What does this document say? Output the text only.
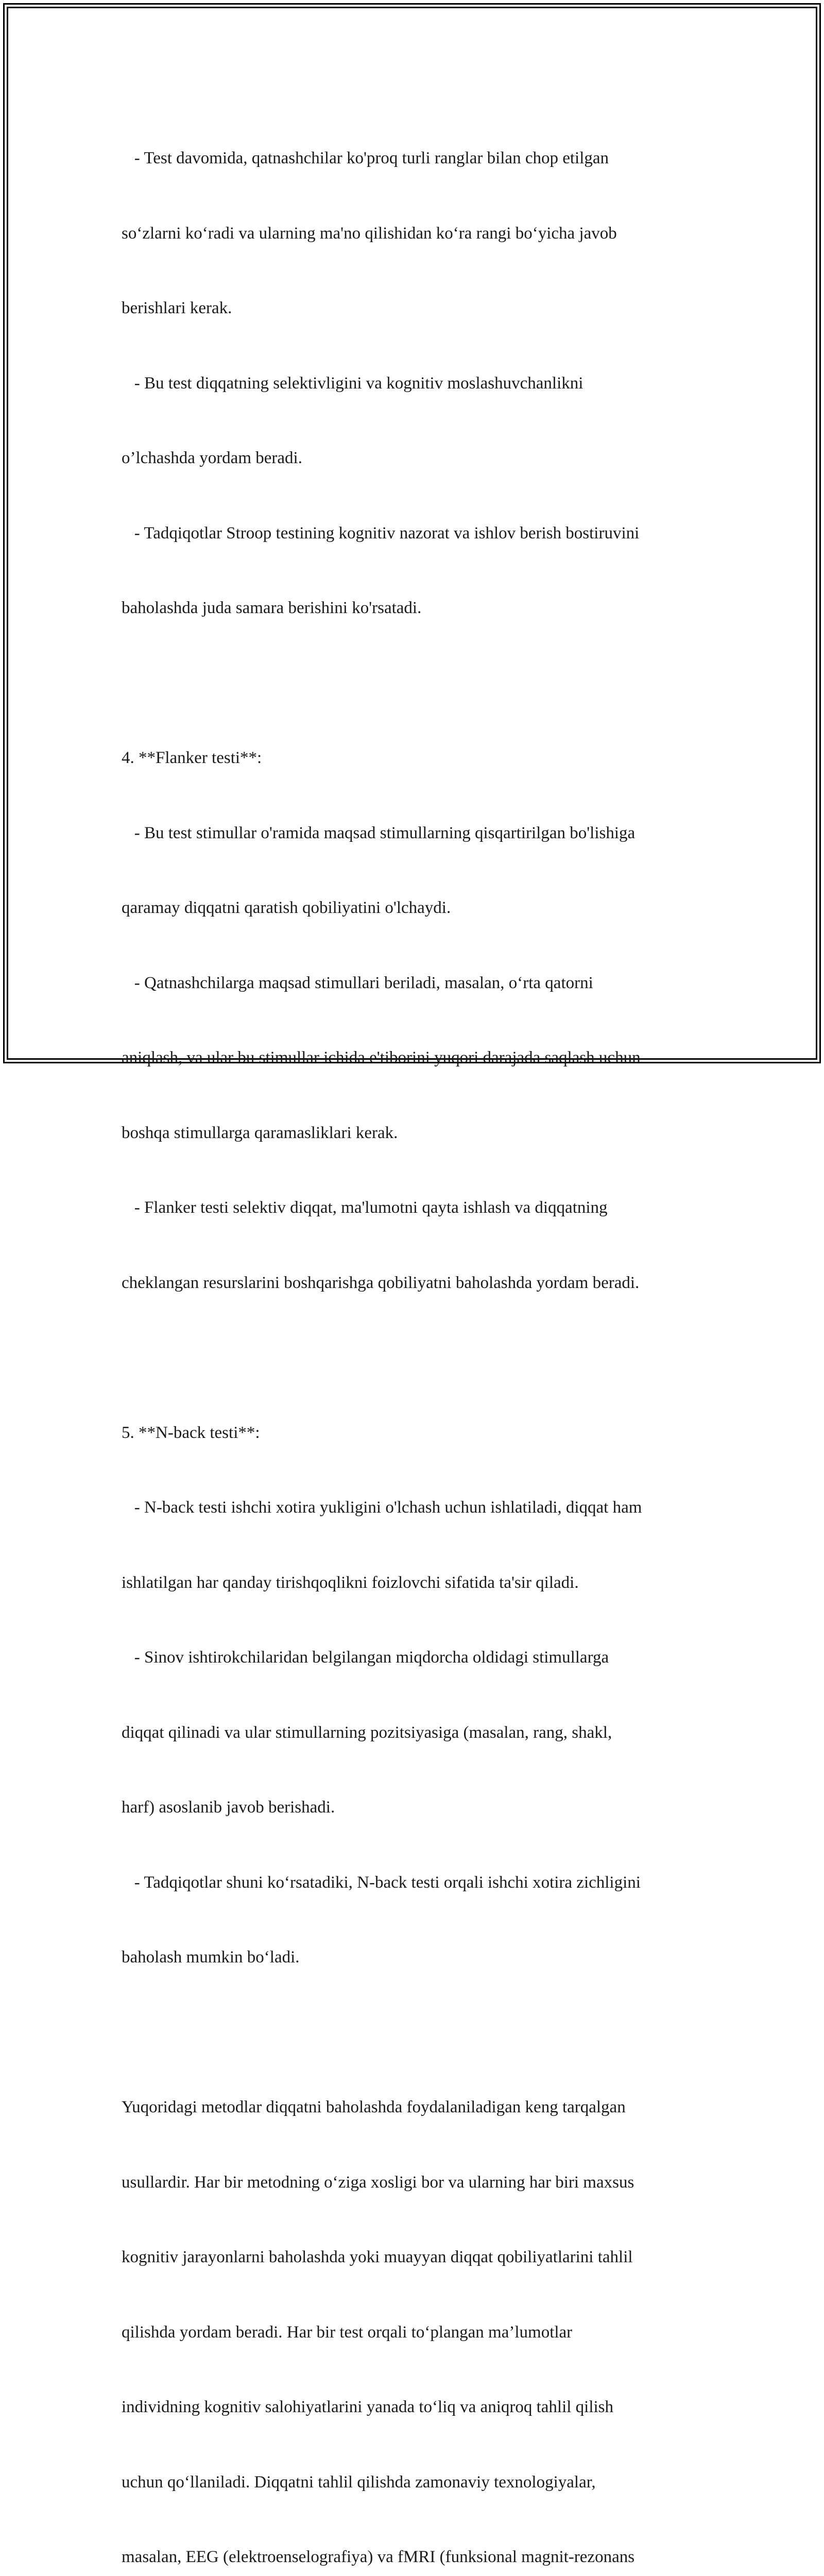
- Test davomida, qatnashchilar ko'proq turli ranglar bilan chop etilgan

so‘zlarni ko‘radi va ularning ma'no qilishidan ko‘ra rangi bo‘yicha javob

berishlari kerak.

- Bu test diqqatning selektivligini va kognitiv moslashuvchanlikni

o’lchashda yordam beradi.

- Tadqiqotlar Stroop testining kognitiv nazorat va ishlov berish bostiruvini

baholashda juda samara berishini ko'rsatadi.

4. **Flanker testi**:

- Bu test stimullar o'ramida maqsad stimullarning qisqartirilgan bo'lishiga

qaramay diqqatni qaratish qobiliyatini o'lchaydi.

- Qatnashchilarga maqsad stimullari beriladi, masalan, o‘rta qatorni

aniqlash, va ular bu stimullar ichida e'tiborini yuqori darajada saqlash uchun

boshqa stimullarga qaramasliklari kerak.

- Flanker testi selektiv diqqat, ma'lumotni qayta ishlash va diqqatning

cheklangan resurslarini boshqarishga qobiliyatni baholashda yordam beradi.

5. **N-back testi**:

- N-back testi ishchi xotira yukligini o'lchash uchun ishlatiladi, diqqat ham

ishlatilgan har qanday tirishqoqlikni foizlovchi sifatida ta'sir qiladi.

- Sinov ishtirokchilaridan belgilangan miqdorcha oldidagi stimullarga

diqqat qilinadi va ular stimullarning pozitsiyasiga (masalan, rang, shakl,

harf) asoslanib javob berishadi.

- Tadqiqotlar shuni ko‘rsatadiki, N-back testi orqali ishchi xotira zichligini

baholash mumkin bo‘ladi.

Yuqoridagi metodlar diqqatni baholashda foydalaniladigan keng tarqalgan

usullardir. Har bir metodning o‘ziga xosligi bor va ularning har biri maxsus

kognitiv jarayonlarni baholashda yoki muayyan diqqat qobiliyatlarini tahlil

qilishda yordam beradi. Har bir test orqali to‘plangan ma’lumotlar

individning kognitiv salohiyatlarini yanada to‘liq va aniqroq tahlil qilish

uchun qo‘llaniladi. Diqqatni tahlil qilishda zamonaviy texnologiyalar,

masalan, EEG (elektroenselografiya) va fMRI (funksional magnit-rezonans
